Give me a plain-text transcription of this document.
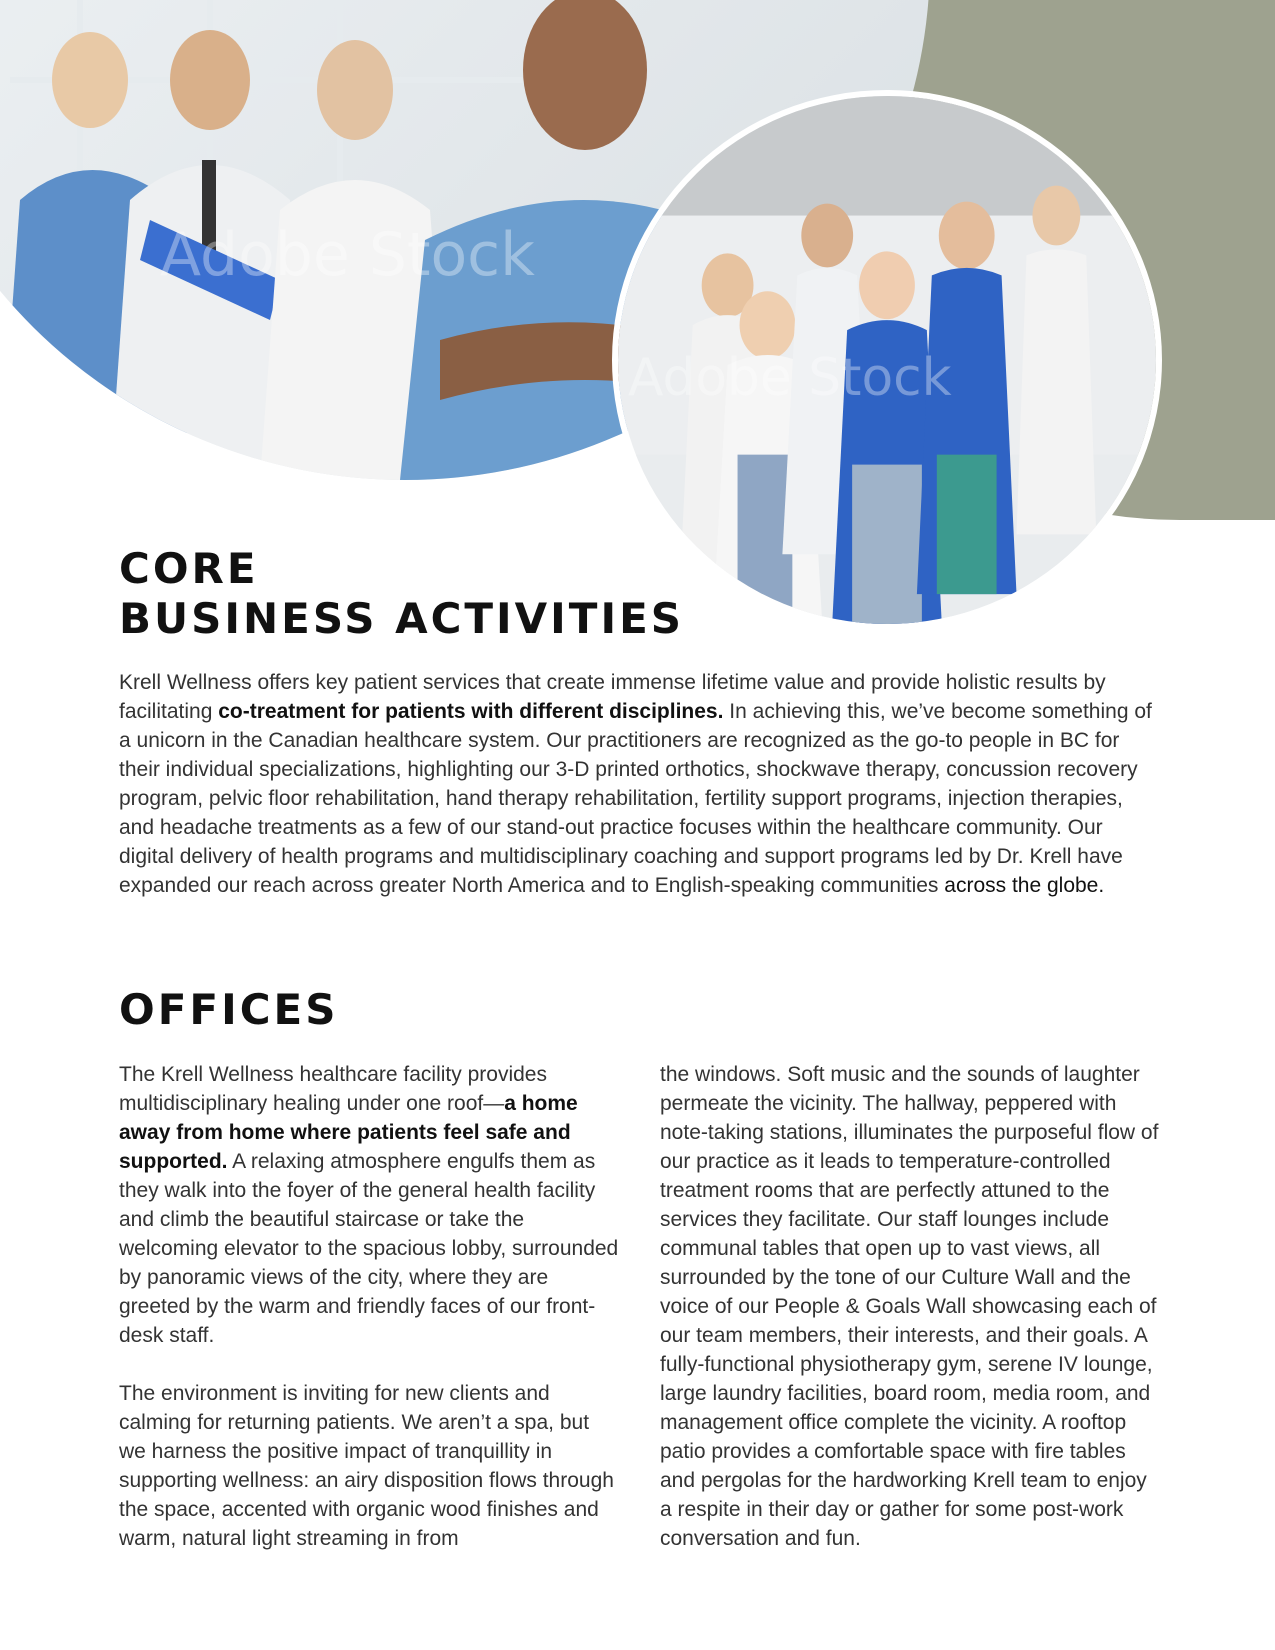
Adobe Stock
Adobe Stock
CORE
BUSINESS ACTIVITIES

Krell Wellness offers key patient services that create immense lifetime value and provide holistic results by facilitating co-treatment for patients with different disciplines. In achieving this, we’ve become something of a unicorn in the Canadian healthcare system. Our practitioners are recognized as the go-to people in BC for their individual specializations, highlighting our 3-D printed orthotics, shockwave therapy, concussion recovery program, pelvic floor rehabilitation, hand therapy rehabilitation, fertility support programs, injection therapies, and headache treatments as a few of our stand-out practice focuses within the healthcare community. Our digital delivery of health programs and multidisciplinary coaching and support programs led by Dr. Krell have expanded our reach across greater North America and to English-speaking communities across the globe.

OFFICES
The Krell Wellness healthcare facility provides multidisciplinary healing under one roof—a home away from home where patients feel safe and supported. A relaxing atmosphere engulfs them as they walk into the foyer of the general health facility and climb the beautiful staircase or take the welcoming elevator to the spacious lobby, surrounded by panoramic views of the city, where they are greeted by the warm and friendly faces of our front-desk staff.
The environment is inviting for new clients and calming for returning patients. We aren’t a spa, but we harness the positive impact of tranquillity in supporting wellness: an airy disposition flows through the space, accented with organic wood finishes and warm, natural light streaming in from
the windows. Soft music and the sounds of laughter permeate the vicinity. The hallway, peppered with note-taking stations, illuminates the purposeful flow of our practice as it leads to temperature-controlled treatment rooms that are perfectly attuned to the services they facilitate. Our staff lounges include communal tables that open up to vast views, all surrounded by the tone of our Culture Wall and the voice of our People & Goals Wall showcasing each of our team members, their interests, and their goals. A fully-functional physiotherapy gym, serene IV lounge, large laundry facilities, board room, media room, and management office complete the vicinity. A rooftop patio provides a comfortable space with fire tables and pergolas for the hardworking Krell team to enjoy a respite in their day or gather for some post-work conversation and fun.
